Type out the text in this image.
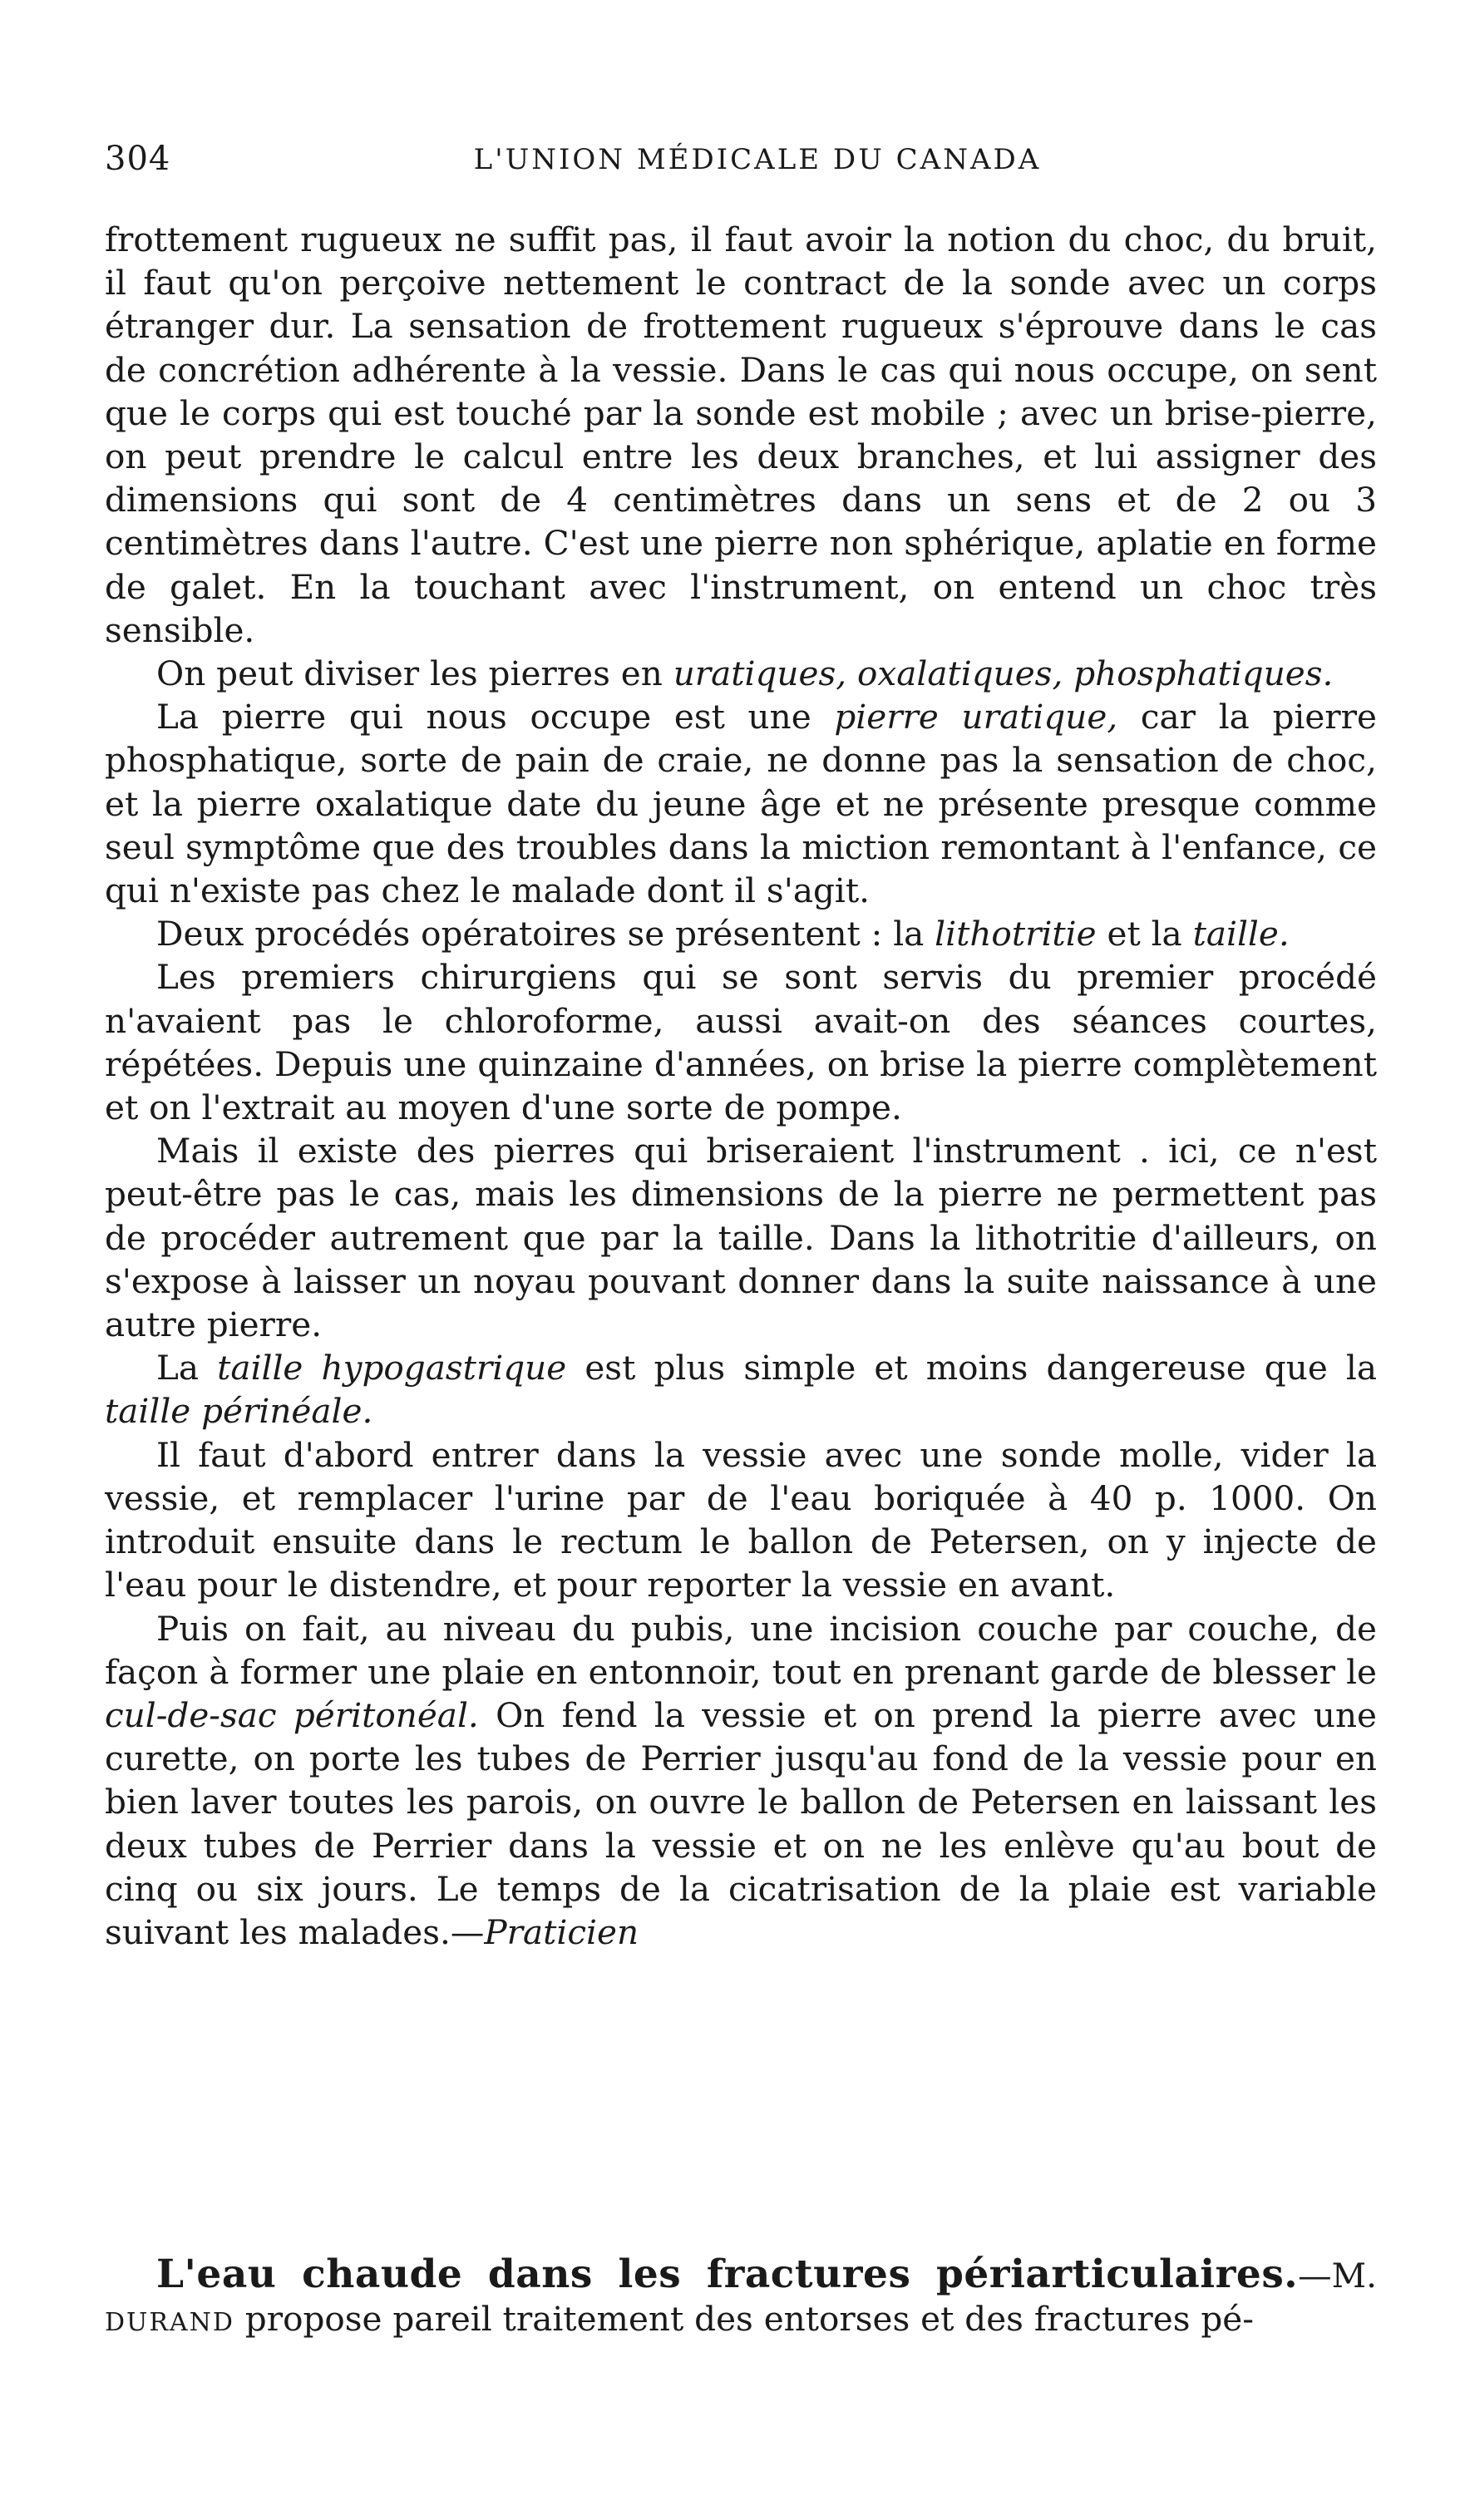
304	L'UNION MÉDICALE DU CANADA

frottement rugueux ne suffit pas, il faut avoir la notion du choc, du bruit, il faut qu'on perçoive nettement le contract de la sonde avec un corps étranger dur. La sensation de frottement rugueux s'éprouve dans le cas de concrétion adhérente à la vessie. Dans le cas qui nous occupe, on sent que le corps qui est touché par la sonde est mobile ; avec un brise-pierre, on peut prendre le calcul entre les deux branches, et lui assigner des dimensions qui sont de 4 centimètres dans un sens et de 2 ou 3 centimètres dans l'autre. C'est une pierre non sphérique, aplatie en forme de galet. En la touchant avec l'instrument, on entend un choc très sensible.

On peut diviser les pierres en uratiques, oxalatiques, phosphatiques.

La pierre qui nous occupe est une pierre uratique, car la pierre phosphatique, sorte de pain de craie, ne donne pas la sensation de choc, et la pierre oxalatique date du jeune âge et ne présente presque comme seul symptôme que des troubles dans la miction remontant à l'enfance, ce qui n'existe pas chez le malade dont il s'agit.

Deux procédés opératoires se présentent : la lithotritie et la taille.

Les premiers chirurgiens qui se sont servis du premier procédé n'avaient pas le chloroforme, aussi avait-on des séances courtes, répétées. Depuis une quinzaine d'années, on brise la pierre complètement et on l'extrait au moyen d'une sorte de pompe.

Mais il existe des pierres qui briseraient l'instrument . ici, ce n'est peut-être pas le cas, mais les dimensions de la pierre ne permettent pas de procéder autrement que par la taille. Dans la lithotritie d'ailleurs, on s'expose à laisser un noyau pouvant donner dans la suite naissance à une autre pierre.

La taille hypogastrique est plus simple et moins dangereuse que la taille périnéale.

Il faut d'abord entrer dans la vessie avec une sonde molle, vider la vessie, et remplacer l'urine par de l'eau boriquée à 40 p. 1000. On introduit ensuite dans le rectum le ballon de Petersen, on y injecte de l'eau pour le distendre, et pour reporter la vessie en avant.

Puis on fait, au niveau du pubis, une incision couche par couche, de façon à former une plaie en entonnoir, tout en prenant garde de blesser le cul-de-sac péritonéal. On fend la vessie et on prend la pierre avec une curette, on porte les tubes de Perrier jusqu'au fond de la vessie pour en bien laver toutes les parois, on ouvre le ballon de Petersen en laissant les deux tubes de Perrier dans la vessie et on ne les enlève qu'au bout de cinq ou six jours. Le temps de la cicatrisation de la plaie est variable suivant les malades.—Praticien

L'eau chaude dans les fractures périarticulaires.—M. DURAND propose pareil traitement des entorses et des fractures pé-
